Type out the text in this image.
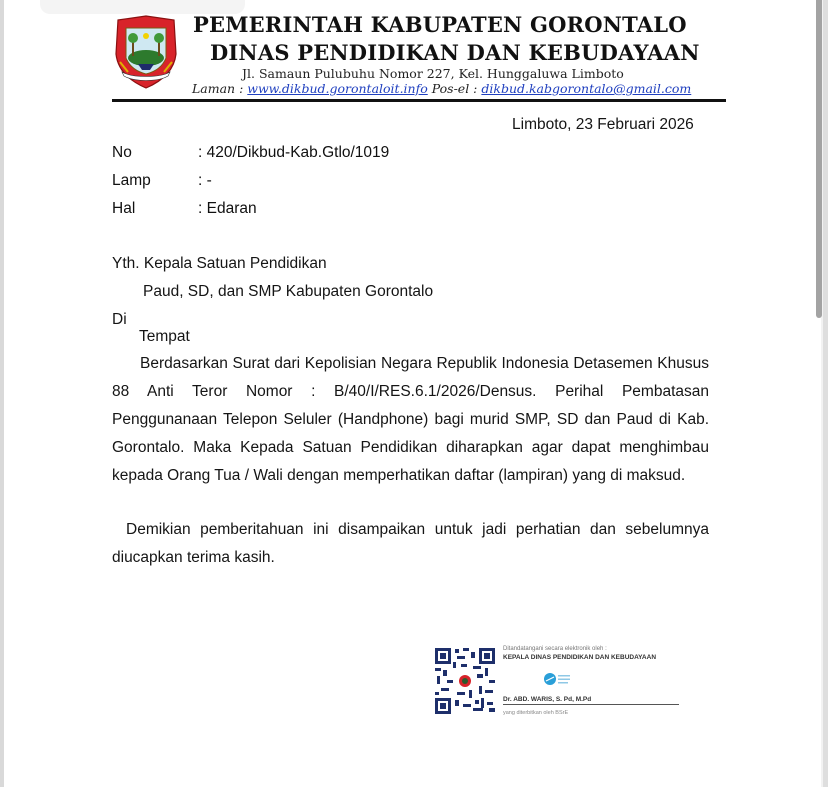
PEMERINTAH KABUPATEN GORONTALO
DINAS PENDIDIKAN DAN KEBUDAYAAN
Jl. Samaun Pulubuhu Nomor 227, Kel. Hunggaluwa Limboto
Laman : www.dikbud.gorontaloit.info Pos-el : dikbud.kabgorontalo@gmail.com
Limboto, 23 Februari 2026
No	: 420/Dikbud-Kab.Gtlo/1019
Lamp	: -
Hal	: Edaran
Yth. Kepala Satuan Pendidikan
Paud, SD, dan SMP Kabupaten Gorontalo
Di
Tempat
Berdasarkan Surat dari Kepolisian Negara Republik Indonesia Detasemen Khusus 88 Anti Teror Nomor : B/40/I/RES.6.1/2026/Densus. Perihal Pembatasan Penggunanaan Telepon Seluler (Handphone) bagi murid SMP, SD dan Paud di Kab. Gorontalo. Maka Kepada Satuan Pendidikan diharapkan agar dapat menghimbau kepada Orang Tua / Wali dengan memperhatikan daftar (lampiran) yang di maksud.
Demikian pemberitahuan ini disampaikan untuk jadi perhatian dan sebelumnya diucapkan terima kasih.
Ditandatangani secara elektronik oleh :
KEPALA DINAS PENDIDIKAN DAN KEBUDAYAAN
Dr. ABD. WARIS, S. Pd, M.Pd
yang diterbitkan oleh BSrE
